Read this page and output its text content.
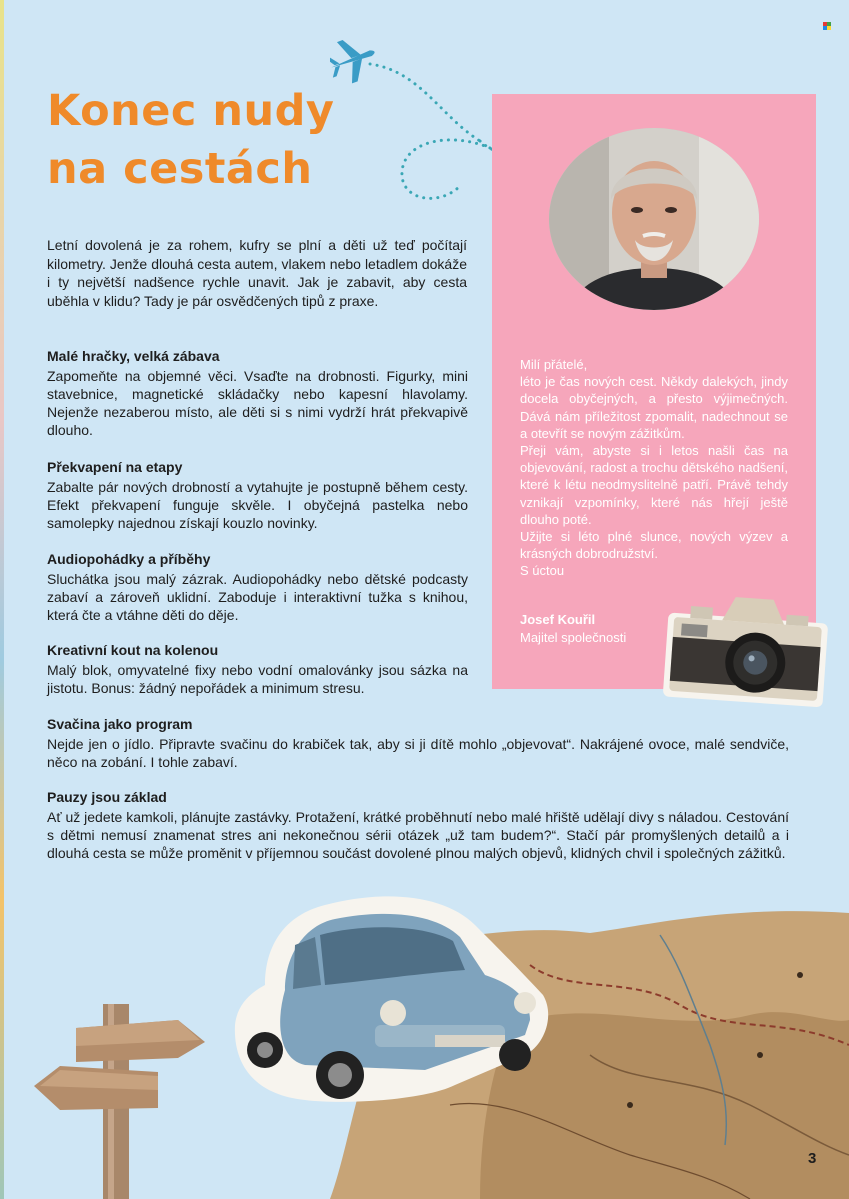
Konec nudy
na cestách

Letní dovolená je za rohem, kufry se plní a děti už teď počítají kilometry. Jenže dlouhá cesta autem, vlakem nebo letadlem dokáže i ty největší nadšence rychle unavit. Jak je zabavit, aby cesta uběhla v klidu? Tady je pár osvědčených tipů z praxe.

Malé hračky, velká zábava

Zapomeňte na objemné věci. Vsaďte na drobnosti. Figurky, mini stavebnice, magnetické skládačky nebo kapesní hlavolamy. Nejenže nezaberou místo, ale děti si s nimi vydrží hrát překvapivě dlouho.

Překvapení na etapy

Zabalte pár nových drobností a vytahujte je postupně během cesty. Efekt překvapení funguje skvěle. I obyčejná pastelka nebo samolepky najednou získají kouzlo novinky.

Audiopohádky a příběhy

Sluchátka jsou malý zázrak. Audiopohádky nebo dětské podcasty zabaví a zároveň uklidní. Zaboduje i interaktivní tužka s knihou, která čte a vtáhne děti do děje.

Kreativní kout na kolenou

Malý blok, omyvatelné fixy nebo vodní omalovánky jsou sázka na jistotu. Bonus: žádný nepořádek a minimum stresu.

Svačina jako program

Nejde jen o jídlo. Připravte svačinu do krabiček tak, aby si ji dítě mohlo „objevovat“. Nakrájené ovoce, malé sendviče, něco na zobání. I tohle zabaví.

Pauzy jsou základ

Ať už jedete kamkoli, plánujte zastávky. Protažení, krátké proběhnutí nebo malé hřiště udělají divy s náladou. Cestování s dětmi nemusí znamenat stres ani nekonečnou sérii otázek „už tam budem?“. Stačí pár promyšlených detailů a i dlouhá cesta se může proměnit v příjemnou součást dovolené plnou malých objevů, klidných chvil i společných zážitků.

Milí přátelé,

léto je čas nových cest. Někdy dalekých, jindy docela obyčejných, a přesto výjimečných. Dává nám příležitost zpomalit, nadechnout se a otevřít se novým zážitkům.

Přeji vám, abyste si i letos našli čas na objevování, radost a trochu dětského nadšení, které k létu neodmyslitelně patří. Právě tehdy vznikají vzpomínky, které nás hřejí ještě dlouho poté.

Užijte si léto plné slunce, nových výzev a krásných dobrodružství.

S úctou

Josef Kouřil
Majitel společnosti
3
